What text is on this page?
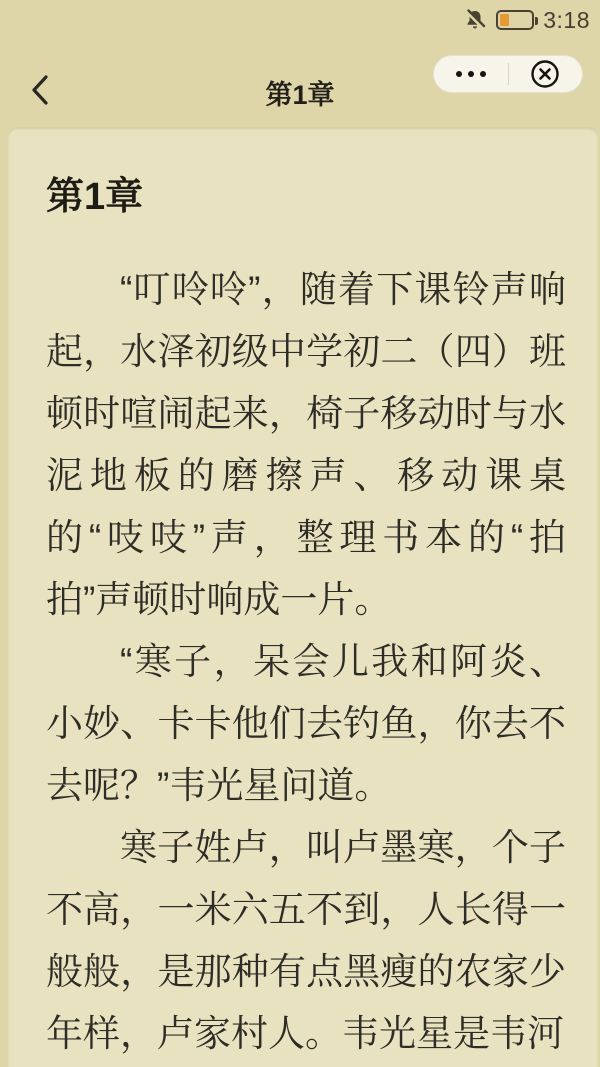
3:18
第1章
第1章

“叮呤呤”，随着下课铃声响起，水泽初级中学初二（四）班顿时喧闹起来，椅子移动时与水泥地板的磨擦声、移动课桌的“吱吱”声，整理书本的“拍拍”声顿时响成一片。

“寒子，呆会儿我和阿炎、小妙、卡卡他们去钓鱼，你去不去呢？”韦光星问道。

寒子姓卢，叫卢墨寒，个子不高，一米六五不到，人长得一般般，是那种有点黑瘦的农家少年样，卢家村人。韦光星是韦河
